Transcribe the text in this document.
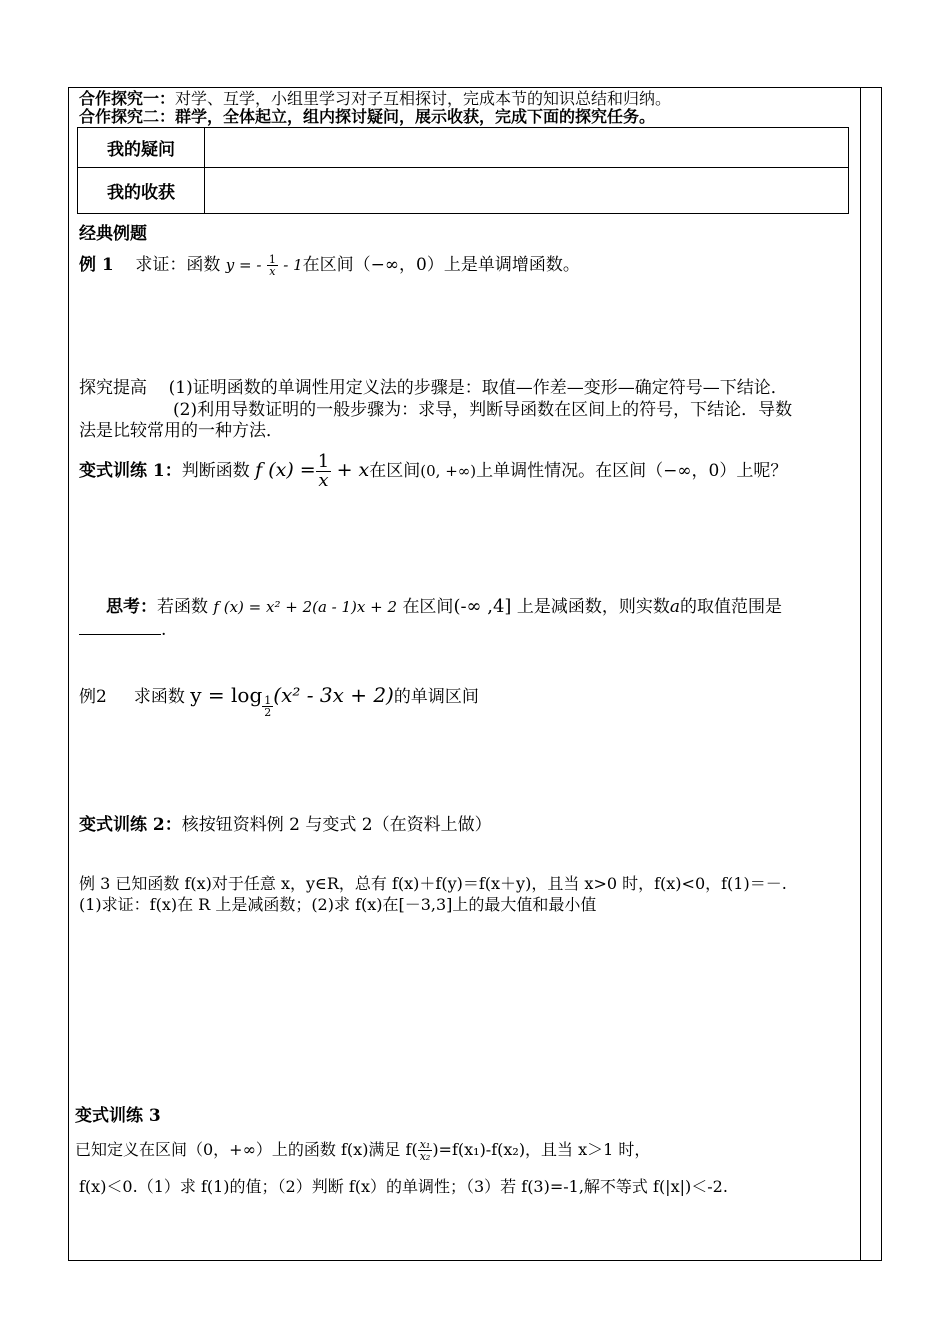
合作探究一：对学、互学，小组里学习对子互相探讨，完成本节的知识总结和归纳。
合作探究二：群学，全体起立，组内探讨疑问，展示收获，完成下面的探究任务。
我的疑问	
我的收获	
经典例题
例 1 求证：函数 y = - $\frac{1}{x} - 1$在区间（−∞，0）上是单调增函数。
探究提高 (1)证明函数的单调性用定义法的步骤是：取值—作差—变形—确定符号—下结论．
(2)利用导数证明的一般步骤为：求导，判断导函数在区间上的符号，下结论．导数
法是比较常用的一种方法．
变式训练 1：判断函数 f $(x) = \frac{1}{x} + x$在区间(0, +∞)上单调性情况。在区间（−∞，0）上呢？
思考：若函数 f (x) = x² + 2(a - 1)x + 2 在区间(-∞ ,4] 上是减函数，则实数a的取值范围是
.
例2 求函数 $y = \log \frac{1}{2} (x^2 - 3x + 2)$的单调区间
变式训练 2：核按钮资料例 2 与变式 2（在资料上做）
例 3 已知函数 f(x)对于任意 x，y∈R，总有 f(x)＋f(y)＝f(x＋y)，且当 x>0 时，f(x)<0，f(1)＝－.
(1)求证：f(x)在 R 上是减函数；(2)求 f(x)在[－3,3]上的最大值和最小值
变式训练 3
已知定义在区间（0，+∞）上的函数 f(x)满足 $f( \frac{\text{x₁}}{\text{x₂}} )=f(x_1)-f(x_2)$，且当 x＞1 时，
f(x)＜0.（1）求 f(1)的值；（2）判断 f(x）的单调性；（3）若 f(3)=-1,解不等式 f(|x|)＜-2.
